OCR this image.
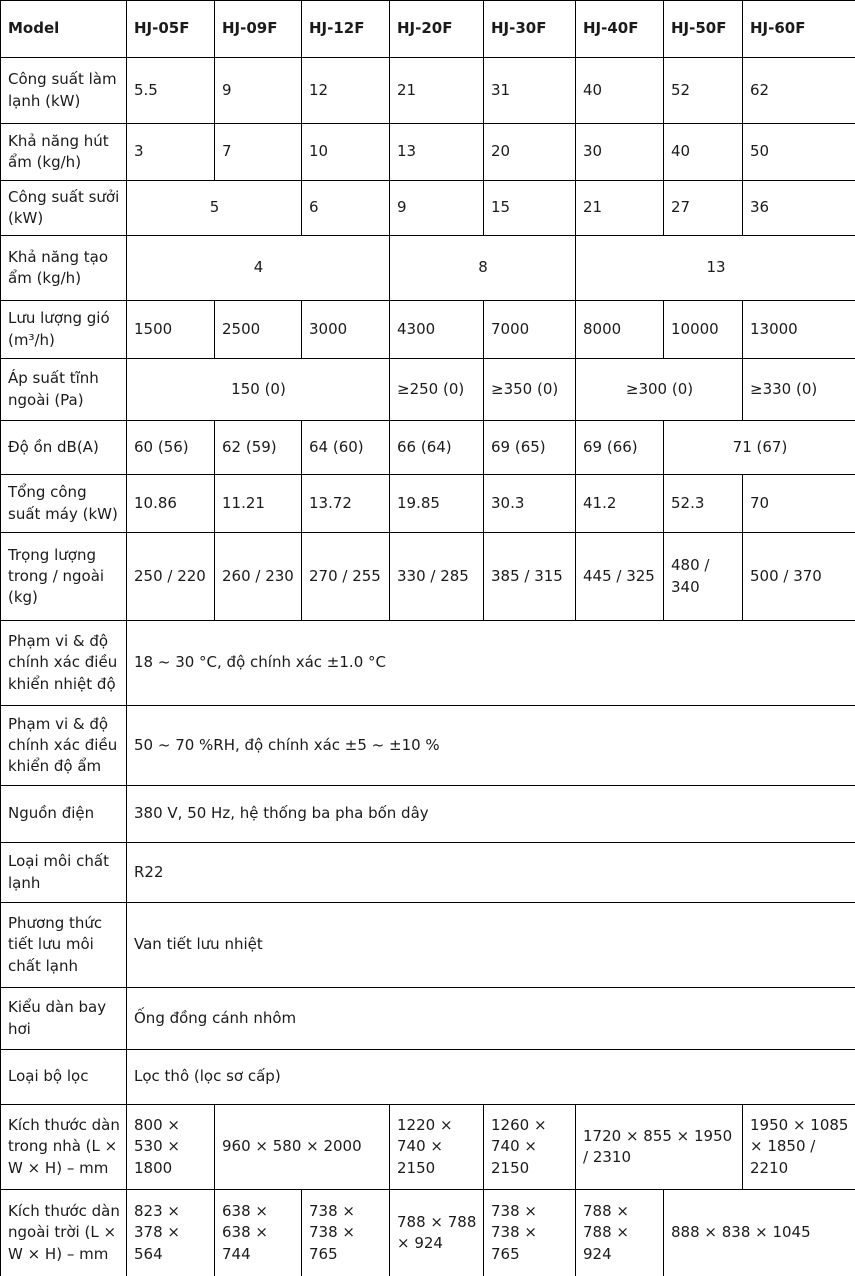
Model	HJ-05F	HJ-09F	HJ-12F	HJ-20F	HJ-30F	HJ-40F	HJ-50F	HJ-60F
Công suất làm lạnh (kW)	5.5	9	12	21	31	40	52	62
Khả năng hút ẩm (kg/h)	3	7	10	13	20	30	40	50
Công suất sưởi (kW)	5		6	9	15	21	27	36
Khả năng tạo ẩm (kg/h)	4			8		13		
Lưu lượng gió (m³/h)	1500	2500	3000	4300	7000	8000	10000	13000
Áp suất tĩnh ngoài (Pa)	150 (0)			≥250 (0)	≥350 (0)	≥300 (0)		≥330 (0)
Độ ồn dB(A)	60 (56)	62 (59)	64 (60)	66 (64)	69 (65)	69 (66)	71 (67)	
Tổng công suất máy (kW)	10.86	11.21	13.72	19.85	30.3	41.2	52.3	70
Trọng lượng trong / ngoài (kg)	250 / 220	260 / 230	270 / 255	330 / 285	385 / 315	445 / 325	480 / 340	500 / 370
Phạm vi & độ chính xác điều khiển nhiệt độ	18 ~ 30 °C, độ chính xác ±1.0 °C							
Phạm vi & độ chính xác điều khiển độ ẩm	50 ~ 70 %RH, độ chính xác ±5 ~ ±10 %							
Nguồn điện	380 V, 50 Hz, hệ thống ba pha bốn dây							
Loại môi chất lạnh	R22							
Phương thức tiết lưu môi chất lạnh	Van tiết lưu nhiệt							
Kiểu dàn bay hơi	Ống đồng cánh nhôm							
Loại bộ lọc	Lọc thô (lọc sơ cấp)							
Kích thước dàn trong nhà (L × W × H) – mm	800 × 530 × 1800	960 × 580 × 2000		1220 × 740 × 2150	1260 × 740 × 2150	1720 × 855 × 1950 / 2310		1950 × 1085 × 1850 / 2210
Kích thước dàn ngoài trời (L × W × H) – mm	823 × 378 × 564	638 × 638 × 744	738 × 738 × 765	788 × 788 × 924	738 × 738 × 765	788 × 788 × 924	888 × 838 × 1045	
